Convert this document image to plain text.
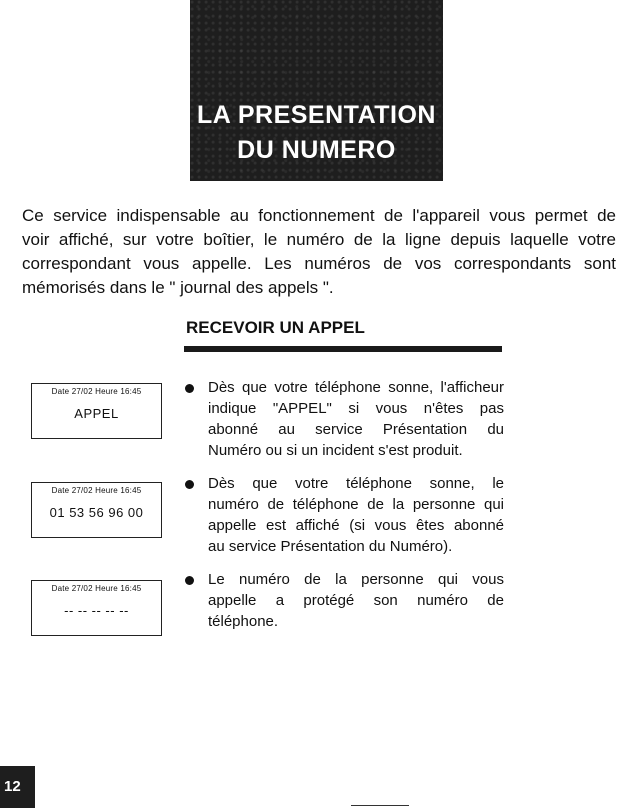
LA PRESENTATION
DU NUMERO
Ce service indispensable au fonctionnement de l'appareil vous permet de
voir affiché, sur votre boîtier, le numéro de la ligne depuis laquelle votre
correspondant vous appelle. Les numéros de vos correspondants sont
mémorisés dans le " journal des appels ".
RECEVOIR UN APPEL
Date 27/02 Heure 16:45
APPEL
Date 27/02 Heure 16:45
01 53 56 96 00
Date 27/02 Heure 16:45
-- -- -- -- --
Dès que votre téléphone sonne, l'afficheur
indique "APPEL" si vous n'êtes pas
abonné au service Présentation du
Numéro ou si un incident s'est produit.
Dès que votre téléphone sonne, le
numéro de téléphone de la personne qui
appelle est affiché (si vous êtes abonné
au service Présentation du Numéro).
Le numéro de la personne qui vous
appelle a protégé son numéro de
téléphone.
12
